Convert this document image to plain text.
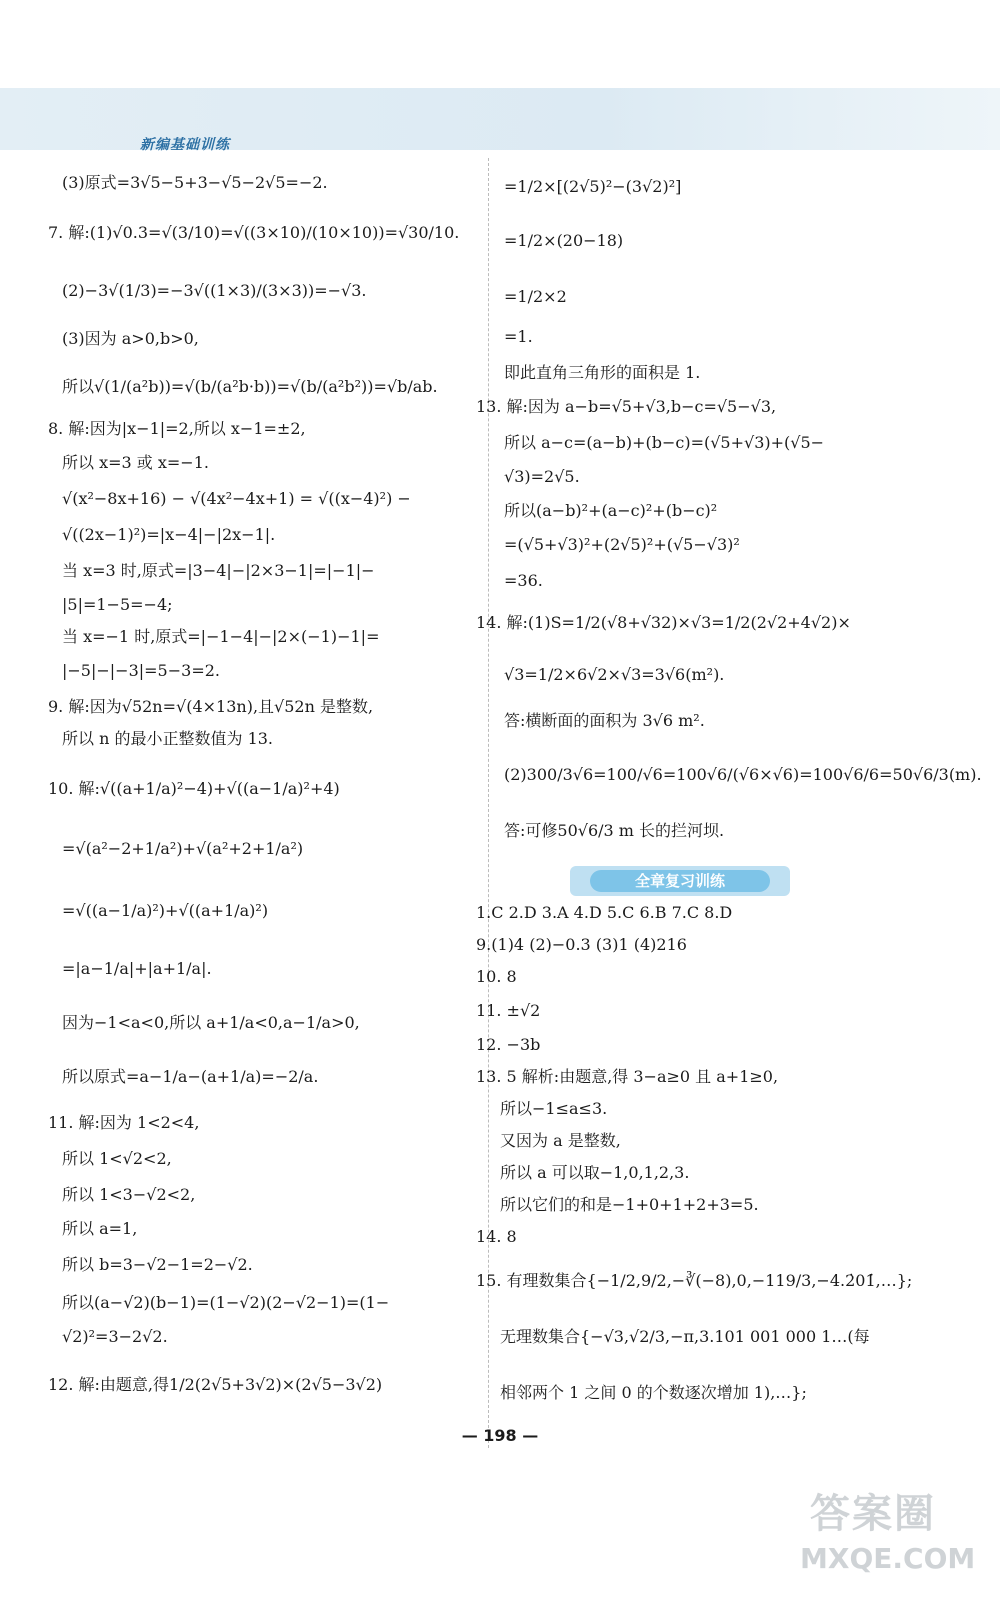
新编基础训练
(3)原式=3√5−5+3−√5−2√5=−2.
7. 解:(1)√0.3=√(3/10)=√((3×10)/(10×10))=√30/10.
(2)−3√(1/3)=−3√((1×3)/(3×3))=−√3.
(3)因为 a>0,b>0,
所以√(1/(a²b))=√(b/(a²b·b))=√(b/(a²b²))=√b/ab.
8. 解:因为|x−1|=2,所以 x−1=±2,
所以 x=3 或 x=−1.
√(x²−8x+16) − √(4x²−4x+1) = √((x−4)²) −
√((2x−1)²)=|x−4|−|2x−1|.
当 x=3 时,原式=|3−4|−|2×3−1|=|−1|−
|5|=1−5=−4;
当 x=−1 时,原式=|−1−4|−|2×(−1)−1|=
|−5|−|−3|=5−3=2.
9. 解:因为√52n=√(4×13n),且√52n 是整数,
所以 n 的最小正整数值为 13.
10. 解:√((a+1/a)²−4)+√((a−1/a)²+4)
=√(a²−2+1/a²)+√(a²+2+1/a²)
=√((a−1/a)²)+√((a+1/a)²)
=|a−1/a|+|a+1/a|.
因为−1<a<0,所以 a+1/a<0,a−1/a>0,
所以原式=a−1/a−(a+1/a)=−2/a.
11. 解:因为 1<2<4,
所以 1<√2<2,
所以 1<3−√2<2,
所以 a=1,
所以 b=3−√2−1=2−√2.
所以(a−√2)(b−1)=(1−√2)(2−√2−1)=(1−
√2)²=3−2√2.
12. 解:由题意,得1/2(2√5+3√2)×(2√5−3√2)
=1/2×[(2√5)²−(3√2)²]
=1/2×(20−18)
=1/2×2
=1.
即此直角三角形的面积是 1.
13. 解:因为 a−b=√5+√3,b−c=√5−√3,
所以 a−c=(a−b)+(b−c)=(√5+√3)+(√5−
√3)=2√5.
所以(a−b)²+(a−c)²+(b−c)²
=(√5+√3)²+(2√5)²+(√5−√3)²
=36.
14. 解:(1)S=1/2(√8+√32)×√3=1/2(2√2+4√2)×
√3=1/2×6√2×√3=3√6(m²).
答:横断面的面积为 3√6 m².
(2)300/3√6=100/√6=100√6/(√6×√6)=100√6/6=50√6/3(m).
答:可修50√6/3 m 长的拦河坝.
全章复习训练
1.C 2.D 3.A 4.D 5.C 6.B 7.C 8.D
9.(1)4 (2)−0.3 (3)1 (4)216
10. 8
11. ±√2
12. −3b
13. 5 解析:由题意,得 3−a≥0 且 a+1≥0,
所以−1≤a≤3.
又因为 a 是整数,
所以 a 可以取−1,0,1,2,3.
所以它们的和是−1+0+1+2+3=5.
14. 8
15. 有理数集合{−1/2,9/2,−∛(−8),0,−119/3,−4.2̇01̇,…};
无理数集合{−√3,√2/3,−π,3.101 001 000 1…(每
相邻两个 1 之间 0 的个数逐次增加 1),…};
— 198 —
答案圈
MXQE.COM
